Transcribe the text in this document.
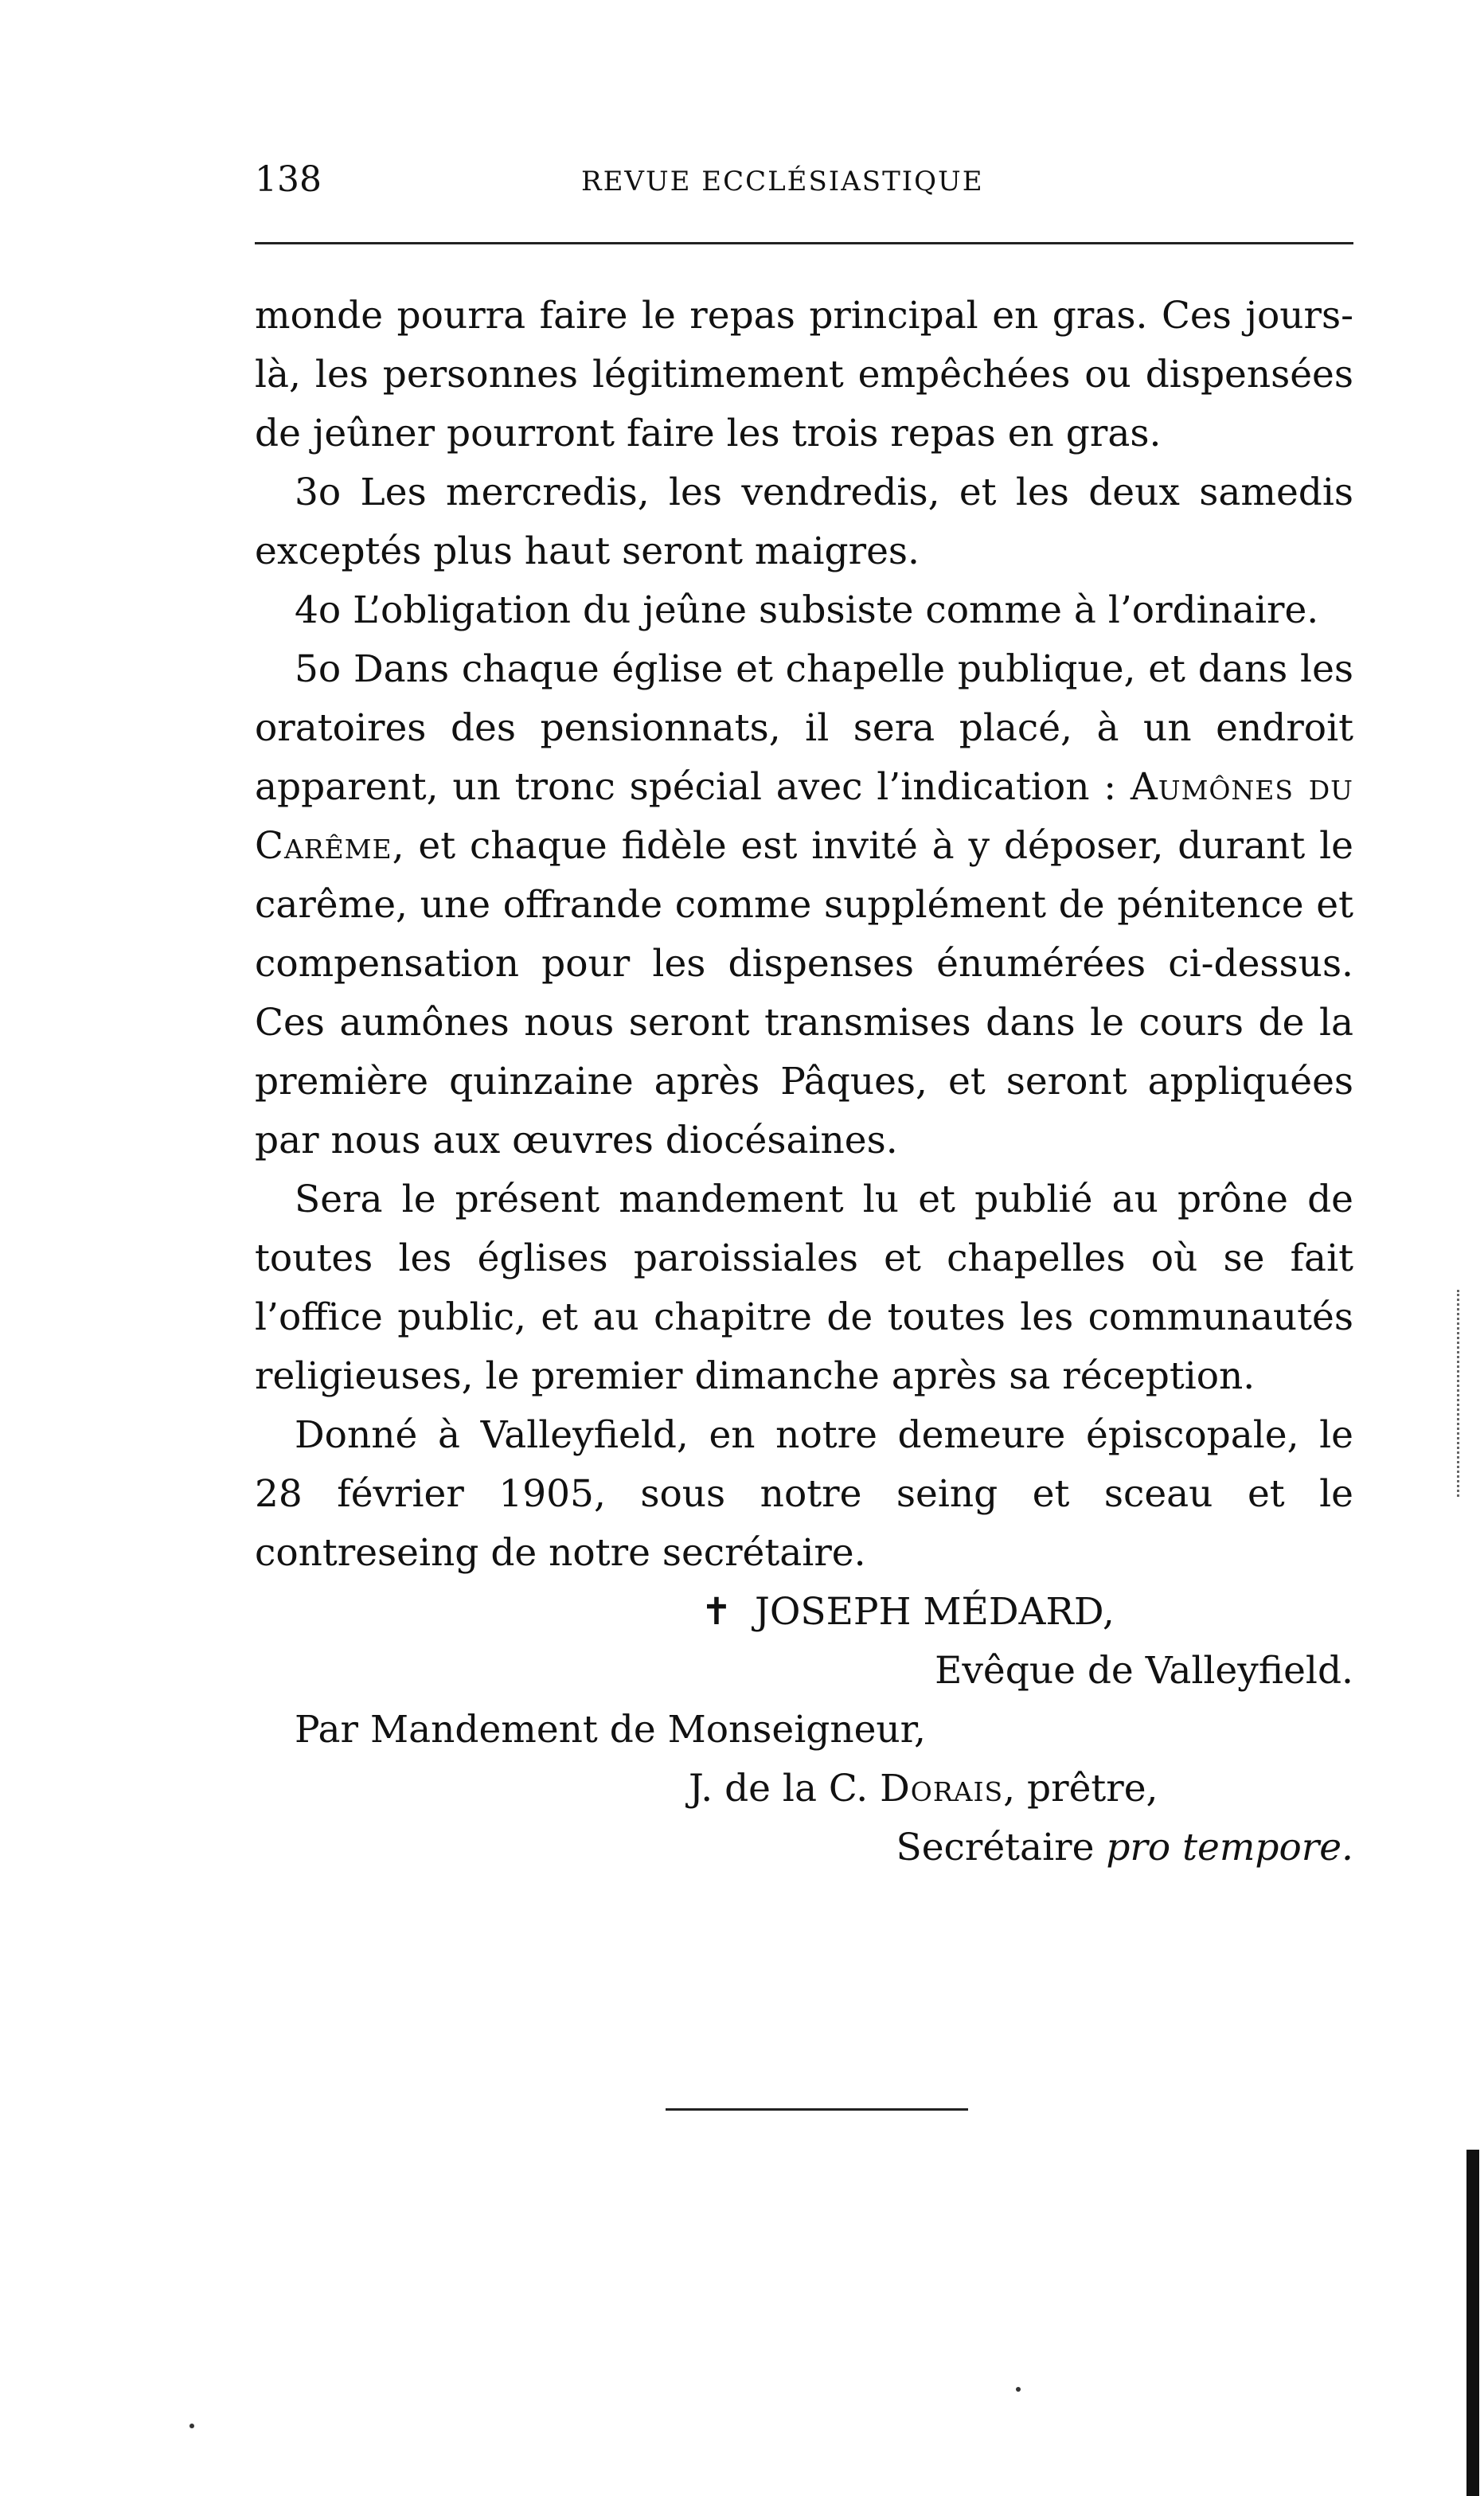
138	REVUE ECCLÉSIASTIQUE

monde pourra faire le repas principal en gras. Ces jours-là, les personnes légitimement empêchées ou dispensées de jeûner pourront faire les trois repas en gras.

3o Les mercredis, les vendredis, et les deux samedis exceptés plus haut seront maigres.

4o L’obligation du jeûne subsiste comme à l’ordinaire.

5o Dans chaque église et chapelle publique, et dans les oratoires des pensionnats, il sera placé, à un endroit apparent, un tronc spécial avec l’indication : Aumônes du Carême, et chaque fidèle est invité à y déposer, durant le carême, une offrande comme supplément de pénitence et compensation pour les dispenses énumérées ci-dessus. Ces aumônes nous seront transmises dans le cours de la première quinzaine après Pâques, et seront appliquées par nous aux œuvres diocésaines.

Sera le présent mandement lu et publié au prône de toutes les églises paroissiales et chapelles où se fait l’office public, et au chapitre de toutes les communautés religieuses, le premier dimanche après sa réception.

Donné à Valleyfield, en notre demeure épiscopale, le 28 février 1905, sous notre seing et sceau et le contreseing de notre secrétaire.

✝ JOSEPH MÉDARD,
Evêque de Valleyfield.
Par Mandement de Monseigneur,
J. de la C. Dorais, prêtre,
Secrétaire pro tempore.
